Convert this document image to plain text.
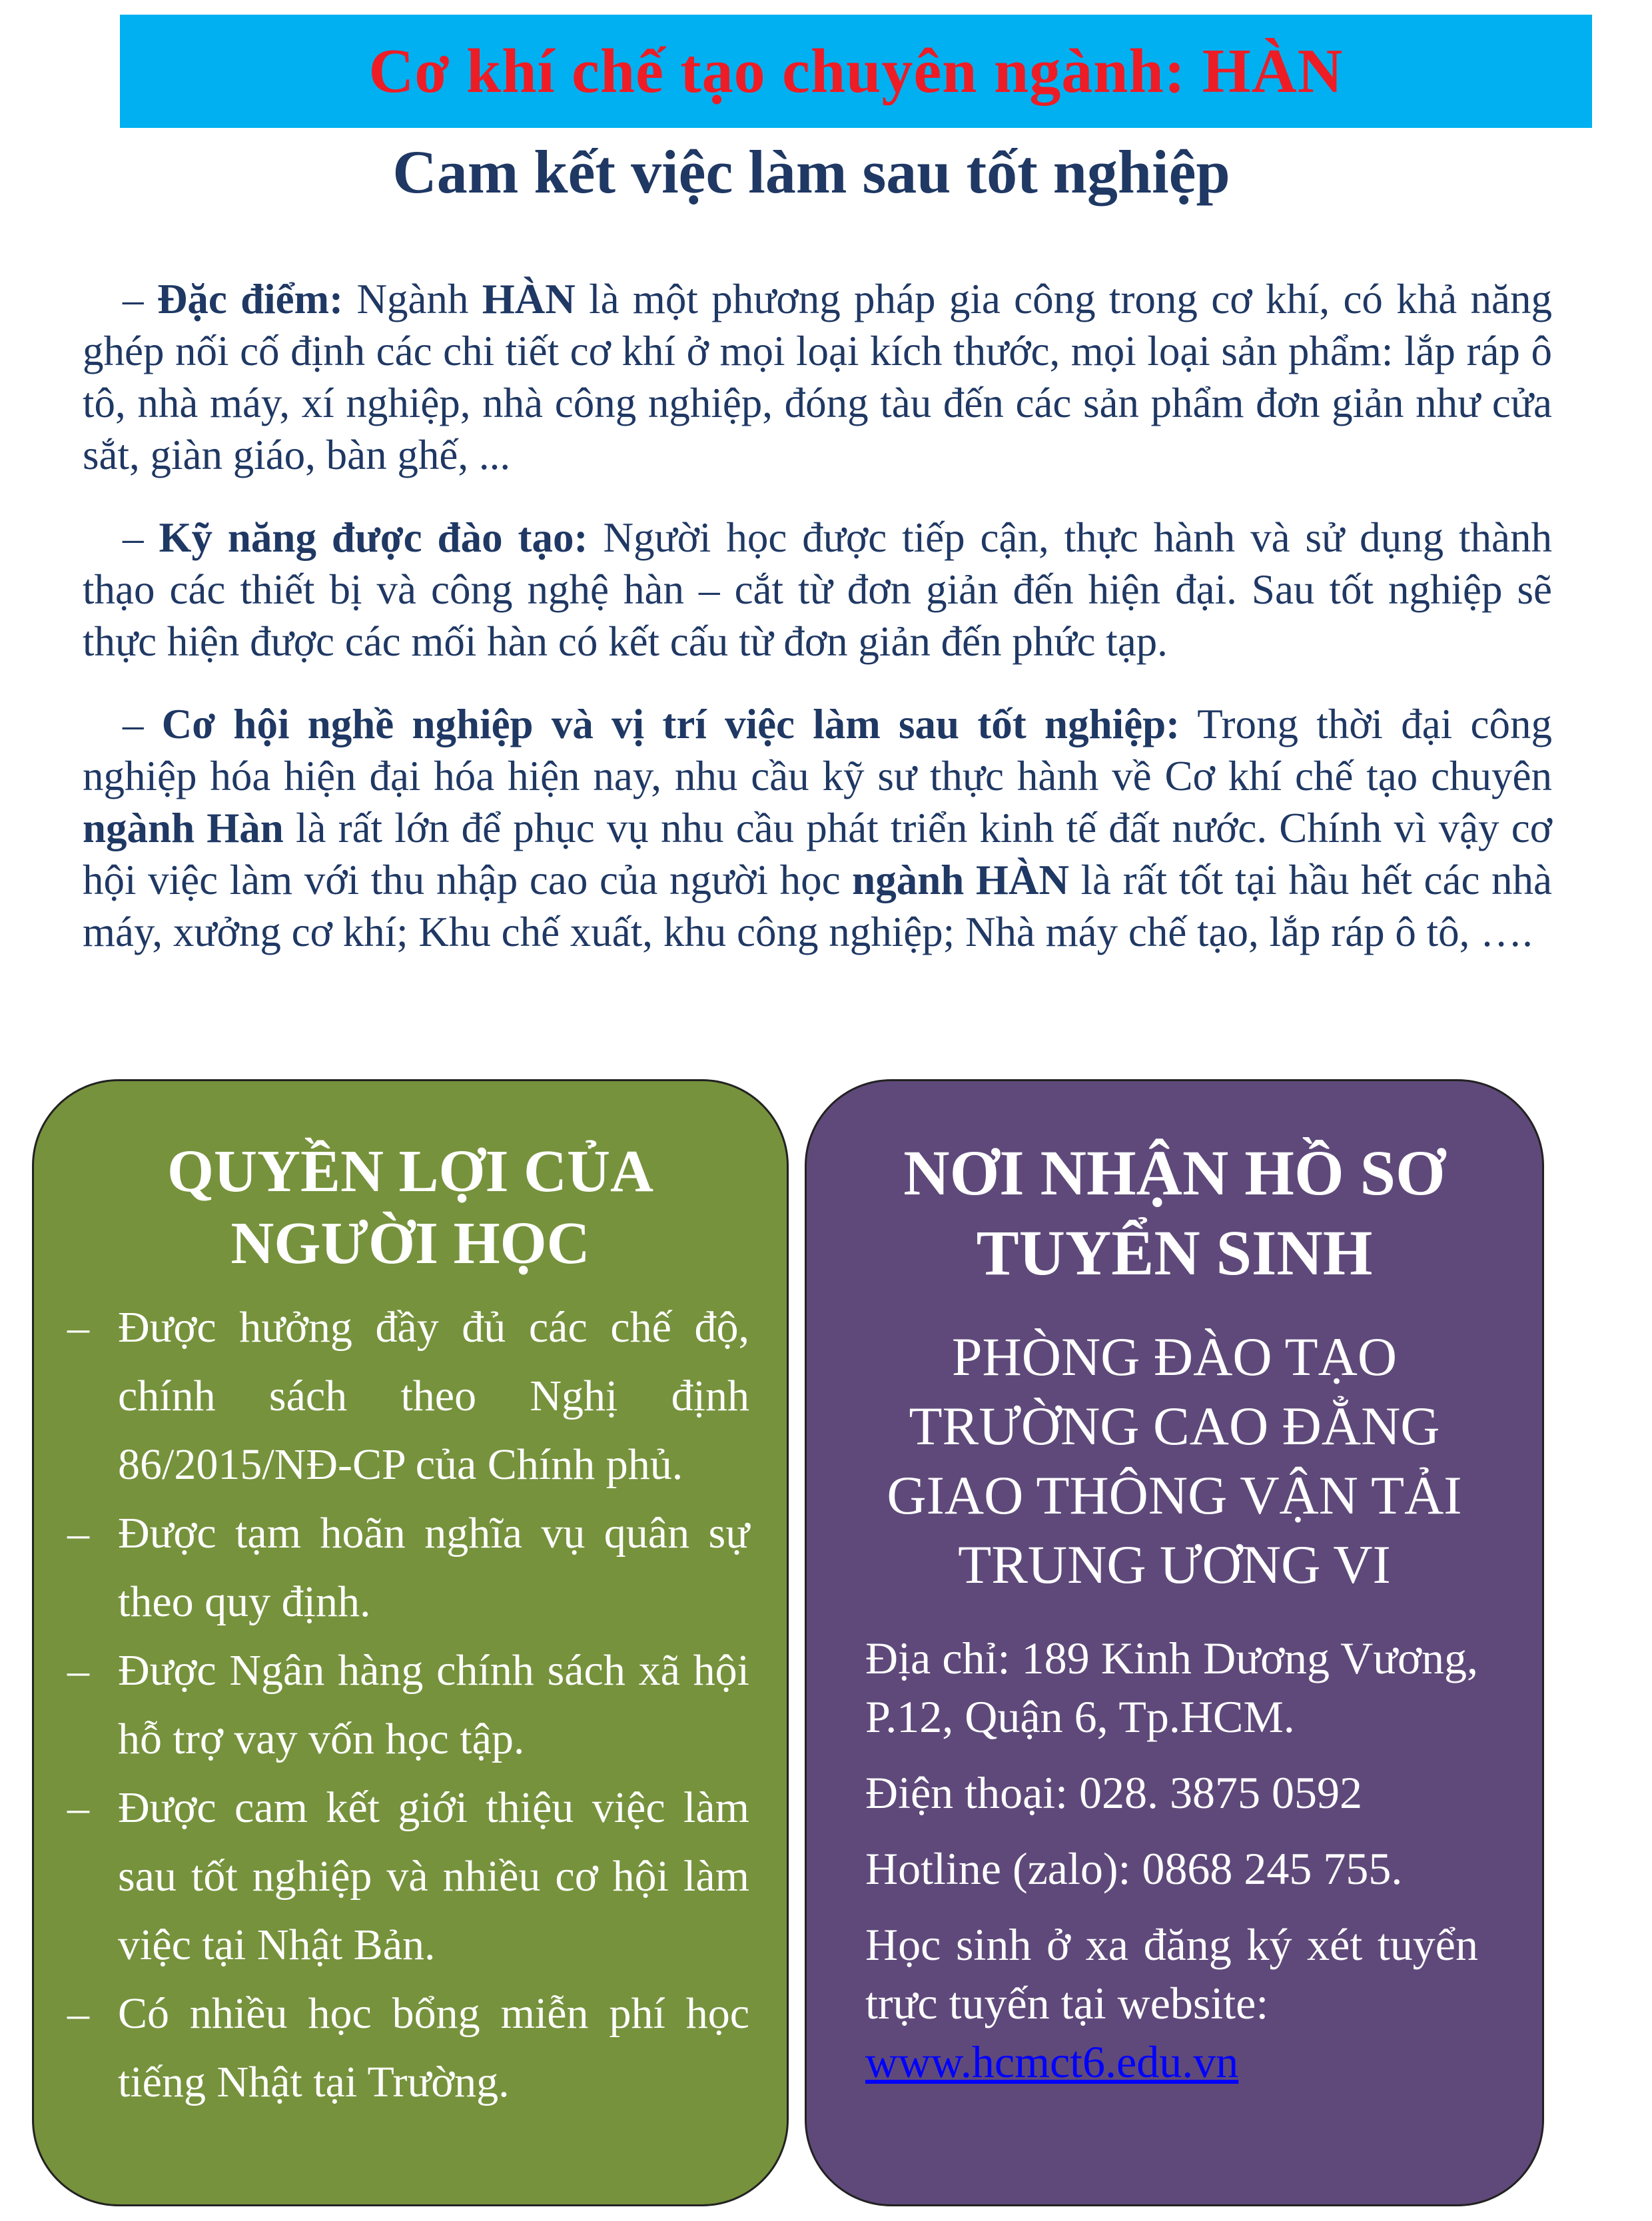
Cơ khí chế tạo chuyên ngành: HÀN
Cam kết việc làm sau tốt nghiệp

– Đặc điểm: Ngành HÀN là một phương pháp gia công trong cơ khí, có khả năng ghép nối cố định các chi tiết cơ khí ở mọi loại kích thước, mọi loại sản phẩm: lắp ráp ô tô, nhà máy, xí nghiệp, nhà công nghiệp, đóng tàu đến các sản phẩm đơn giản như cửa sắt, giàn giáo, bàn ghế, ...

– Kỹ năng được đào tạo: Người học được tiếp cận, thực hành và sử dụng thành thạo các thiết bị và công nghệ hàn – cắt từ đơn giản đến hiện đại. Sau tốt nghiệp sẽ thực hiện được các mối hàn có kết cấu từ đơn giản đến phức tạp.

– Cơ hội nghề nghiệp và vị trí việc làm sau tốt nghiệp: Trong thời đại công nghiệp hóa hiện đại hóa hiện nay, nhu cầu kỹ sư thực hành về Cơ khí chế tạo chuyên ngành Hàn là rất lớn để phục vụ nhu cầu phát triển kinh tế đất nước. Chính vì vậy cơ hội việc làm với thu nhập cao của người học ngành HÀN là rất tốt tại hầu hết các nhà máy, xưởng cơ khí; Khu chế xuất, khu công nghiệp; Nhà máy chế tạo, lắp ráp ô tô, ….

QUYỀN LỢI CỦA
NGƯỜI HỌC
– Được hưởng đầy đủ các chế độ, chính sách theo Nghị định 86/2015/NĐ-CP của Chính phủ.
– Được tạm hoãn nghĩa vụ quân sự theo quy định.
– Được Ngân hàng chính sách xã hội hỗ trợ vay vốn học tập.
– Được cam kết giới thiệu việc làm sau tốt nghiệp và nhiều cơ hội làm việc tại Nhật Bản.
– Có nhiều học bổng miễn phí học tiếng Nhật tại Trường.
NƠI NHẬN HỒ SƠ
TUYỂN SINH
PHÒNG ĐÀO TẠO
TRƯỜNG CAO ĐẲNG
GIAO THÔNG VẬN TẢI
TRUNG ƯƠNG VI

Địa chỉ: 189 Kinh Dương Vương, P.12, Quận 6, Tp.HCM.

Điện thoại: 028. 3875 0592

Hotline (zalo): 0868 245 755.

Học sinh ở xa đăng ký xét tuyển trực tuyến tại website:
www.hcmct6.edu.vn
